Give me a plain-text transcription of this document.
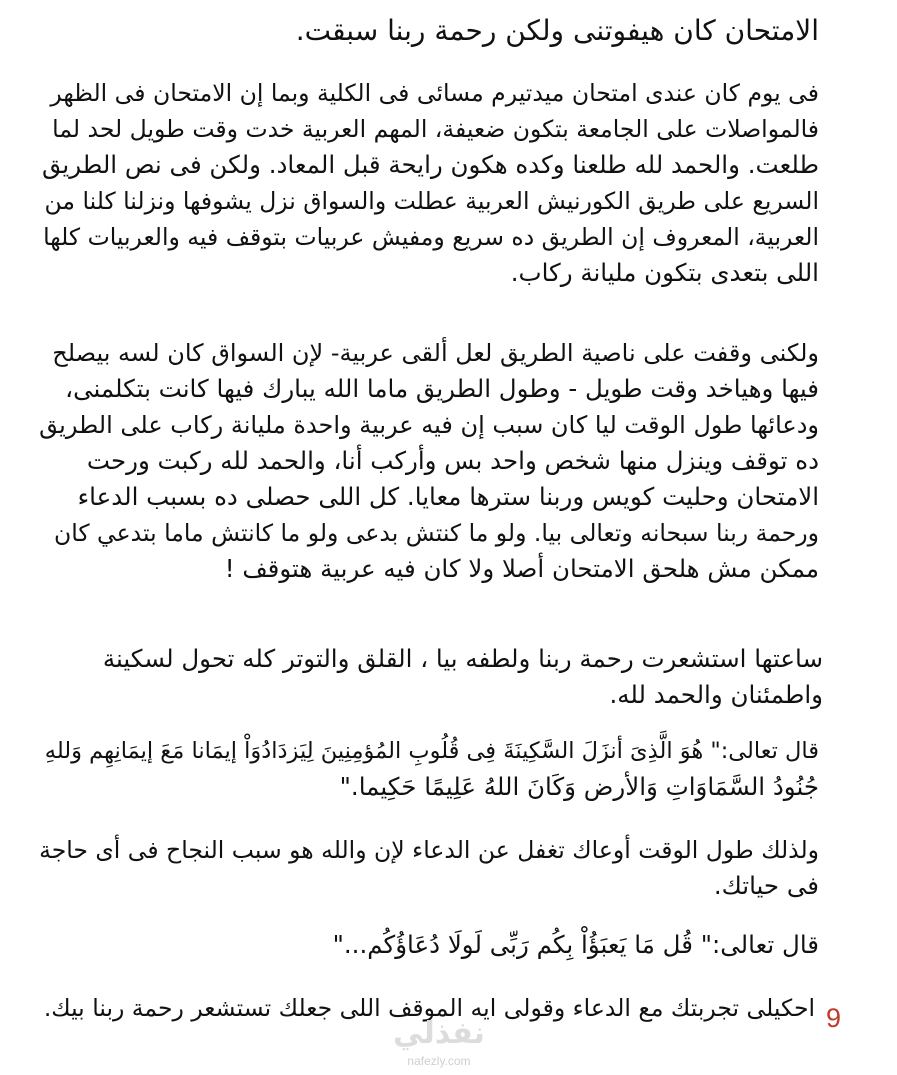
الامتحان كان هيفوتنى ولكن رحمة ربنا سبقت.

فى يوم كان عندى امتحان ميدتيرم مسائى فى الكلية وبما إن الامتحان فى الظهر
فالمواصلات على الجامعة بتكون ضعيفة، المهم العربية خدت وقت طويل لحد لما
طلعت. والحمد لله طلعنا وكده هكون رايحة قبل المعاد. ولكن فى نص الطريق
السريع على طريق الكورنيش العربية عطلت والسواق نزل يشوفها ونزلنا كلنا من
العربية، المعروف إن الطريق ده سريع ومفيش عربيات بتوقف فيه والعربيات كلها
اللى بتعدى بتكون مليانة ركاب.

ولكنى وقفت على ناصية الطريق لعل ألقى عربية- لإن السواق كان لسه بيصلح
فيها وهياخد وقت طويل - وطول الطريق ماما الله يبارك فيها كانت بتكلمنى،
ودعائها طول الوقت ليا كان سبب إن فيه عربية واحدة مليانة ركاب على الطريق
ده توقف وينزل منها شخص واحد بس وأركب أنا، والحمد لله ركبت ورحت
الامتحان وحليت كويس وربنا سترها معايا. كل اللى حصلى ده بسبب الدعاء
ورحمة ربنا سبحانه وتعالى بيا. ولو ما كنتش بدعى ولو ما كانتش ماما بتدعي كان
ممكن مش هلحق الامتحان أصلا ولا كان فيه عربية هتوقف !

ساعتها استشعرت رحمة ربنا ولطفه بيا ، القلق والتوتر كله تحول لسكينة
واطمئنان والحمد لله.

قال تعالى:" هُوَ الَّذِىَ أنزَلَ السَّكِينَةَ فِى قُلُوبِ المُؤمِنِينَ لِيَزدَادُوَاْ إيمَانا مَعَ إيمَانِهِم وَللهِ
جُنُودُ السَّمَاوَاتِ وَالأرض وَكَانَ اللهُ عَلِيمًا حَكِيما."

ولذلك طول الوقت أوعاك تغفل عن الدعاء لإن والله هو سبب النجاح فى أى حاجة
فى حياتك.

قال تعالى:" قُل مَا يَعبَؤُاْ بِكُم رَبِّى لَولَا دُعَاؤُكُم..."

احكيلى تجربتك مع الدعاء وقولى ايه الموقف اللى جعلك تستشعر رحمة ربنا بيك. 9
نفذلي
nafezly.com
